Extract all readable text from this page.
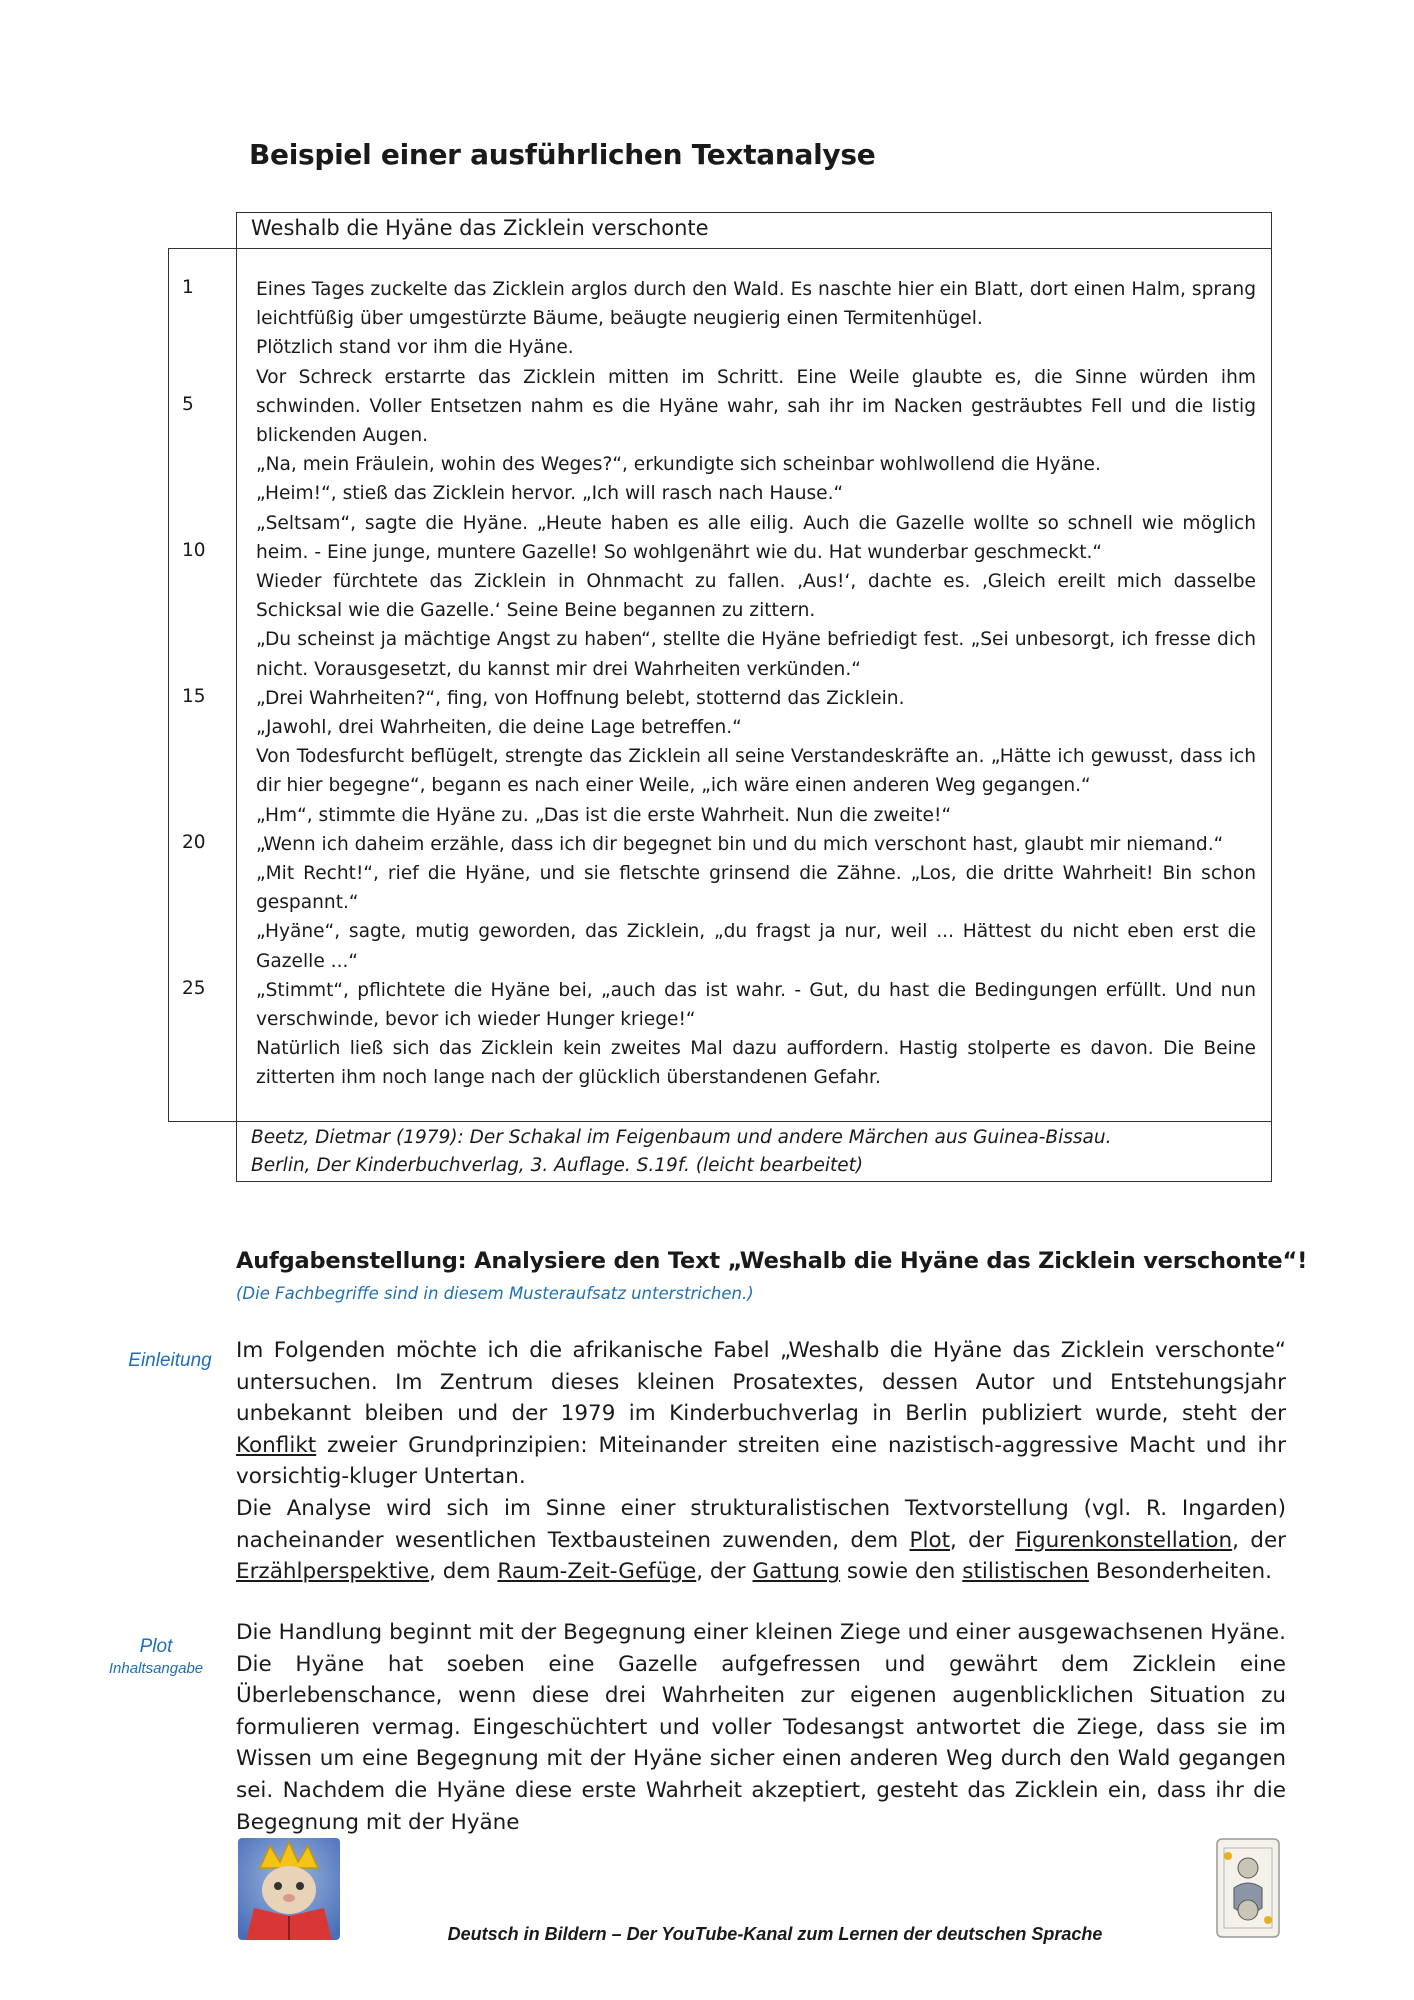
Beispiel einer ausführlichen Textanalyse
Weshalb die Hyäne das Zicklein verschonte
1
5
10
15
20
25

Eines Tages zuckelte das Zicklein arglos durch den Wald. Es naschte hier ein Blatt, dort einen Halm, sprang leichtfüßig über umgestürzte Bäume, beäugte neugierig einen Termitenhügel.

Plötzlich stand vor ihm die Hyäne.

Vor Schreck erstarrte das Zicklein mitten im Schritt. Eine Weile glaubte es, die Sinne würden ihm schwinden. Voller Entsetzen nahm es die Hyäne wahr, sah ihr im Nacken gesträubtes Fell und die listig blickenden Augen.

„Na, mein Fräulein, wohin des Weges?“, erkundigte sich scheinbar wohlwollend die Hyäne.

„Heim!“, stieß das Zicklein hervor. „Ich will rasch nach Hause.“

„Seltsam“, sagte die Hyäne. „Heute haben es alle eilig. Auch die Gazelle wollte so schnell wie möglich heim. - Eine junge, muntere Gazelle! So wohlgenährt wie du. Hat wunderbar geschmeckt.“

Wieder fürchtete das Zicklein in Ohnmacht zu fallen. ‚Aus!‘, dachte es. ‚Gleich ereilt mich dasselbe Schicksal wie die Gazelle.‘ Seine Beine begannen zu zittern.

„Du scheinst ja mächtige Angst zu haben“, stellte die Hyäne befriedigt fest. „Sei unbesorgt, ich fresse dich nicht. Vorausgesetzt, du kannst mir drei Wahrheiten verkünden.“

„Drei Wahrheiten?“, fing, von Hoffnung belebt, stotternd das Zicklein.

„Jawohl, drei Wahrheiten, die deine Lage betreffen.“

Von Todesfurcht beflügelt, strengte das Zicklein all seine Verstandeskräfte an. „Hätte ich gewusst, dass ich dir hier begegne“, begann es nach einer Weile, „ich wäre einen anderen Weg gegangen.“

„Hm“, stimmte die Hyäne zu. „Das ist die erste Wahrheit. Nun die zweite!“

„Wenn ich daheim erzähle, dass ich dir begegnet bin und du mich verschont hast, glaubt mir niemand.“

„Mit Recht!“, rief die Hyäne, und sie fletschte grinsend die Zähne. „Los, die dritte Wahrheit! Bin schon gespannt.“

„Hyäne“, sagte, mutig geworden, das Zicklein, „du fragst ja nur, weil ... Hättest du nicht eben erst die Gazelle ...“

„Stimmt“, pflichtete die Hyäne bei, „auch das ist wahr. - Gut, du hast die Bedingungen erfüllt. Und nun verschwinde, bevor ich wieder Hunger kriege!“

Natürlich ließ sich das Zicklein kein zweites Mal dazu auffordern. Hastig stolperte es davon. Die Beine zitterten ihm noch lange nach der glücklich überstandenen Gefahr.

Beetz, Dietmar (1979): Der Schakal im Feigenbaum und andere Märchen aus Guinea-Bissau.
Berlin, Der Kinderbuchverlag, 3. Auflage. S.19f. (leicht bearbeitet)
Aufgabenstellung: Analysiere den Text „Weshalb die Hyäne das Zicklein verschonte“!
(Die Fachbegriffe sind in diesem Musteraufsatz unterstrichen.)
Einleitung
Plot
Inhaltsangabe

Im Folgenden möchte ich die afrikanische Fabel „Weshalb die Hyäne das Zicklein verschonte“ untersuchen. Im Zentrum dieses kleinen Prosatextes, dessen Autor und Entstehungsjahr unbekannt bleiben und der 1979 im Kinderbuchverlag in Berlin publiziert wurde, steht der Konflikt zweier Grundprinzipien: Miteinander streiten eine nazistisch-aggressive Macht und ihr vorsichtig-kluger Untertan.

Die Analyse wird sich im Sinne einer strukturalistischen Textvorstellung (vgl. R. Ingarden) nacheinander wesentlichen Textbausteinen zuwenden, dem Plot, der Figurenkonstellation, der Erzählperspektive, dem Raum-Zeit-Gefüge, der Gattung sowie den stilistischen Besonderheiten.

Die Handlung beginnt mit der Begegnung einer kleinen Ziege und einer ausgewachsenen Hyäne. Die Hyäne hat soeben eine Gazelle aufgefressen und gewährt dem Zicklein eine Überlebenschance, wenn diese drei Wahrheiten zur eigenen augenblicklichen Situation zu formulieren vermag. Eingeschüchtert und voller Todesangst antwortet die Ziege, dass sie im Wissen um eine Begegnung mit der Hyäne sicher einen anderen Weg durch den Wald gegangen sei. Nachdem die Hyäne diese erste Wahrheit akzeptiert, gesteht das Zicklein ein, dass ihr die Begegnung mit der Hyäne

Deutsch in Bildern – Der YouTube-Kanal zum Lernen der deutschen Sprache
